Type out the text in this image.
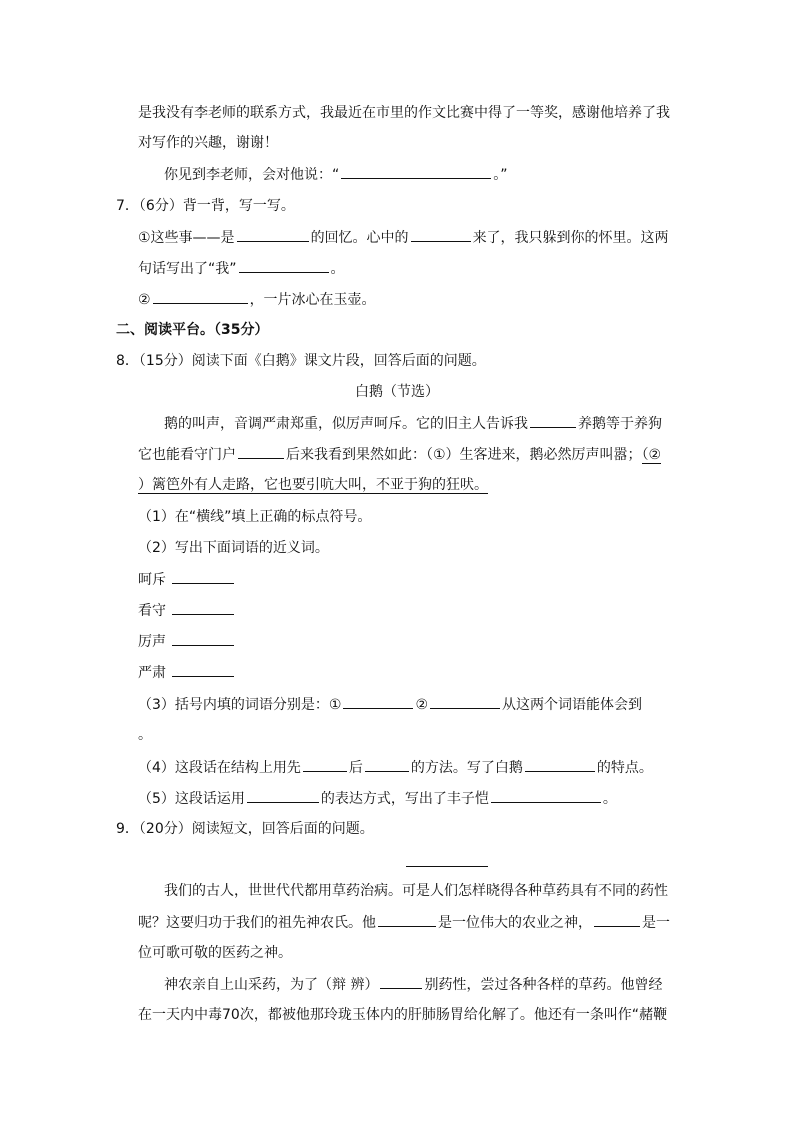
是我没有李老师的联系方式，我最近在市里的作文比赛中得了一等奖，感谢他培养了我
对写作的兴趣，谢谢！
你见到李老师，会对他说：“	。”
7．（6分）背一背，写一写。
①这些事——是	的回忆。心中的	来了，我只躲到你的怀里。这两
句话写出了“我”	。
②	，一片冰心在玉壶。
二、阅读平台。（35分）
8．（15分）阅读下面《白鹅》课文片段，回答后面的问题。
白鹅（节选）
鹅的叫声，音调严肃郑重，似厉声呵斥。它的旧主人告诉我	养鹅等于养狗
它也能看守门户	后来我看到果然如此：（①）生客进来，鹅必然厉声叫嚣；（②
）篱笆外有人走路，它也要引吭大叫，不亚于狗的狂吠。
（1）在“横线”填上正确的标点符号。
（2）写出下面词语的近义词。
呵斥
看守
厉声
严肃
（3）括号内填的词语分别是：①	②	从这两个词语能体会到
。
（4）这段话在结构上用先	后	的方法。写了白鹅	的特点。
（5）这段话运用	的表达方式，写出了丰子恺	。
9．（20分）阅读短文，回答后面的问题。
我们的古人，世世代代都用草药治病。可是人们怎样晓得各种草药具有不同的药性
呢？这要归功于我们的祖先神农氏。他	是一位伟大的农业之神，	是一
位可歌可敬的医药之神。
神农亲自上山采药，为了（辩 辨）	别药性，尝过各种各样的草药。他曾经
在一天内中毒70次，都被他那玲珑玉体内的肝肺肠胃给化解了。他还有一条叫作“赭鞭
